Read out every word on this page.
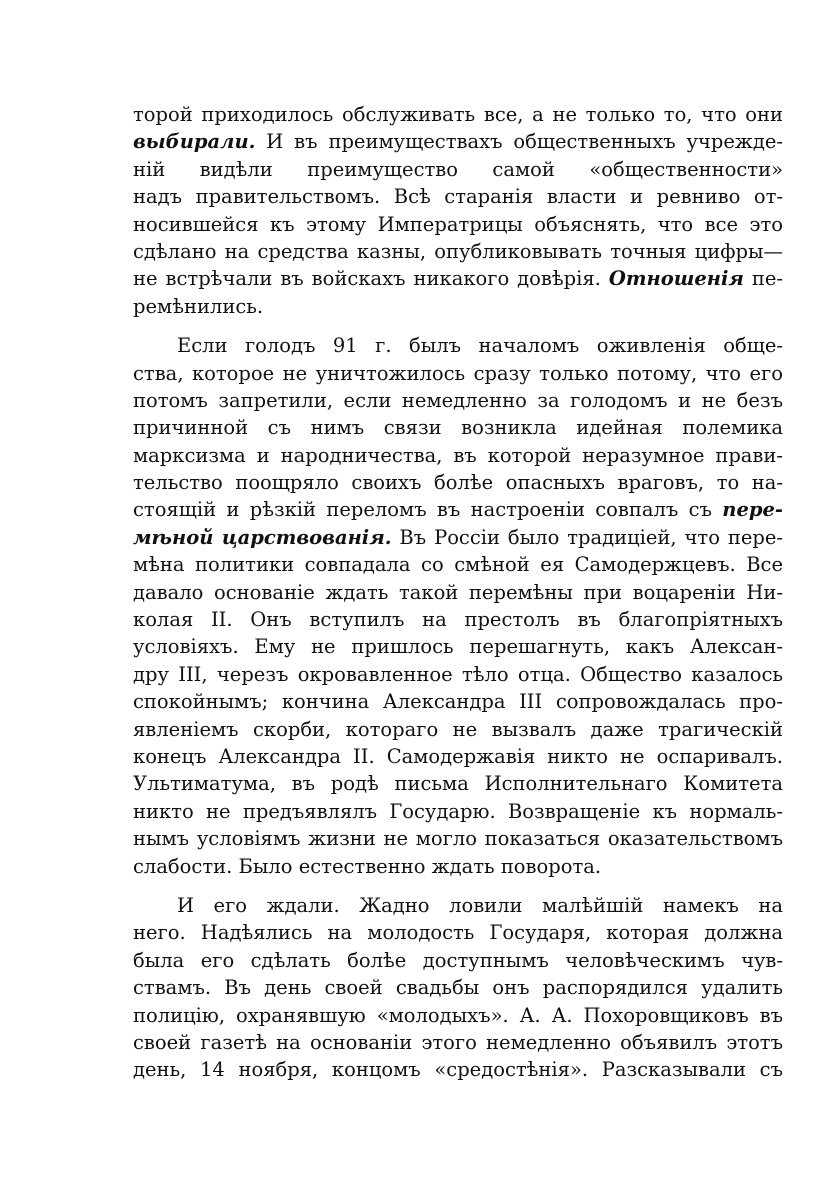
торой приходилось обслуживать все, а не только то, что они
выбирали. И въ преимуществахъ общественныхъ учрежде-
нiй видѣли преимущество самой «общественности»
надъ правительствомъ. Всѣ старанiя власти и ревниво от-
носившейся къ этому Императрицы объяснять, что все это
сдѣлано на средства казны, опубликовывать точныя цифры—
не встрѣчали въ войскахъ никакого довѣрiя. Отношенiя пе-
ремѣнились.
Если голодъ 91 г. былъ началомъ оживленiя обще-
ства, которое не уничтожилось сразу только потому, что его
потомъ запретили, если немедленно за голодомъ и не безъ
причинной съ нимъ связи возникла идейная полемика
марксизма и народничества, въ которой неразумное прави-
тельство поощряло своихъ болѣе опасныхъ враговъ, то на-
стоящiй и рѣзкiй переломъ въ настроенiи совпалъ съ пере-
мѣной царствованiя. Въ Россiи было традицiей, что пере-
мѣна политики совпадала со смѣной ея Самодержцевъ. Все
давало основанiе ждать такой перемѣны при воцаренiи Ни-
колая II. Онъ вступилъ на престолъ въ благопрiятныхъ
условiяхъ. Ему не пришлось перешагнуть, какъ Алексан-
дру III, черезъ окровавленное тѣло отца. Общество казалось
спокойнымъ; кончина Александра III сопровождалась про-
явленiемъ скорби, котораго не вызвалъ даже трагическiй
конецъ Александра II. Самодержавiя никто не оспаривалъ.
Ультиматума, въ родѣ письма Исполнительнаго Комитета
никто не предъявлялъ Государю. Возвращенiе къ нормаль-
нымъ условiямъ жизни не могло показаться оказательствомъ
слабости. Было естественно ждать поворота.
И его ждали. Жадно ловили малѣйшiй намекъ на
него. Надѣялись на молодость Государя, которая должна
была его сдѣлать болѣе доступнымъ человѣческимъ чув-
ствамъ. Въ день своей свадьбы онъ распорядился удалить
полицiю, охранявшую «молодыхъ». А. А. Похоровщиковъ въ
своей газетѣ на основанiи этого немедленно объявилъ этотъ
день, 14 ноября, концомъ «средостѣнiя». Разсказывали съ
